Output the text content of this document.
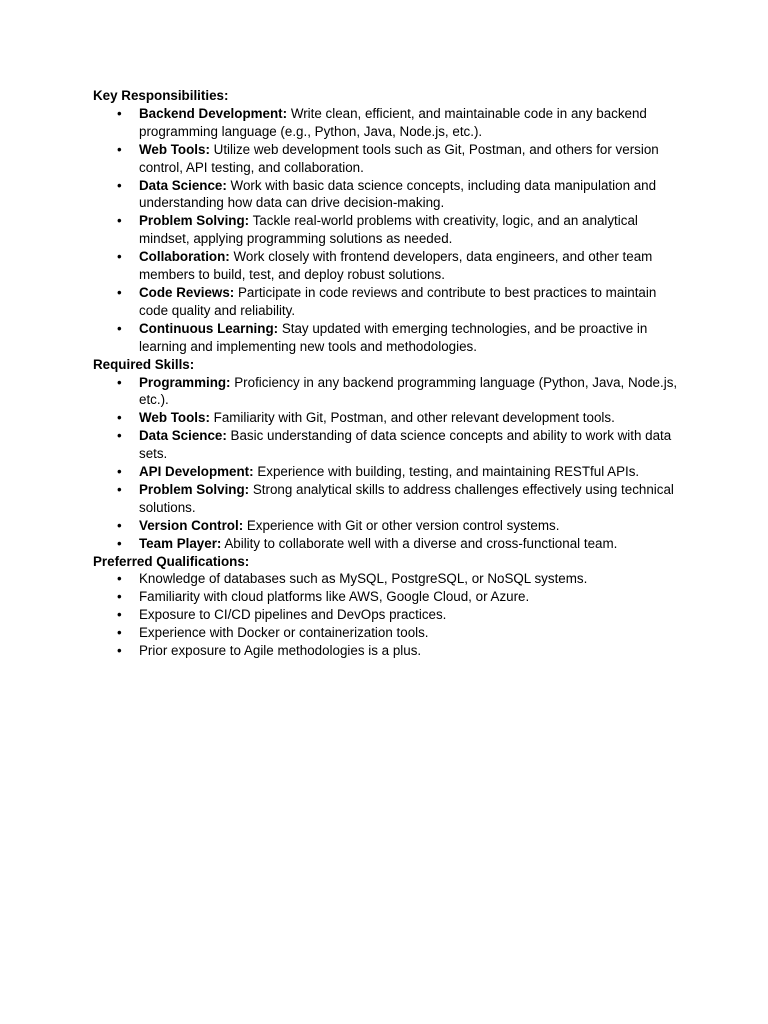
Key Responsibilities:

• Backend Development: Write clean, efficient, and maintainable code in any backend programming language (e.g., Python, Java, Node.js, etc.).
• Web Tools: Utilize web development tools such as Git, Postman, and others for version control, API testing, and collaboration.
• Data Science: Work with basic data science concepts, including data manipulation and understanding how data can drive decision-making.
• Problem Solving: Tackle real-world problems with creativity, logic, and an analytical mindset, applying programming solutions as needed.
• Collaboration: Work closely with frontend developers, data engineers, and other team members to build, test, and deploy robust solutions.
• Code Reviews: Participate in code reviews and contribute to best practices to maintain code quality and reliability.
• Continuous Learning: Stay updated with emerging technologies, and be proactive in learning and implementing new tools and methodologies.

Required Skills:

• Programming: Proficiency in any backend programming language (Python, Java, Node.js, etc.).
• Web Tools: Familiarity with Git, Postman, and other relevant development tools.
• Data Science: Basic understanding of data science concepts and ability to work with data sets.
• API Development: Experience with building, testing, and maintaining RESTful APIs.
• Problem Solving: Strong analytical skills to address challenges effectively using technical solutions.
• Version Control: Experience with Git or other version control systems.
• Team Player: Ability to collaborate well with a diverse and cross-functional team.

Preferred Qualifications:

• Knowledge of databases such as MySQL, PostgreSQL, or NoSQL systems.
• Familiarity with cloud platforms like AWS, Google Cloud, or Azure.
• Exposure to CI/CD pipelines and DevOps practices.
• Experience with Docker or containerization tools.
• Prior exposure to Agile methodologies is a plus.
